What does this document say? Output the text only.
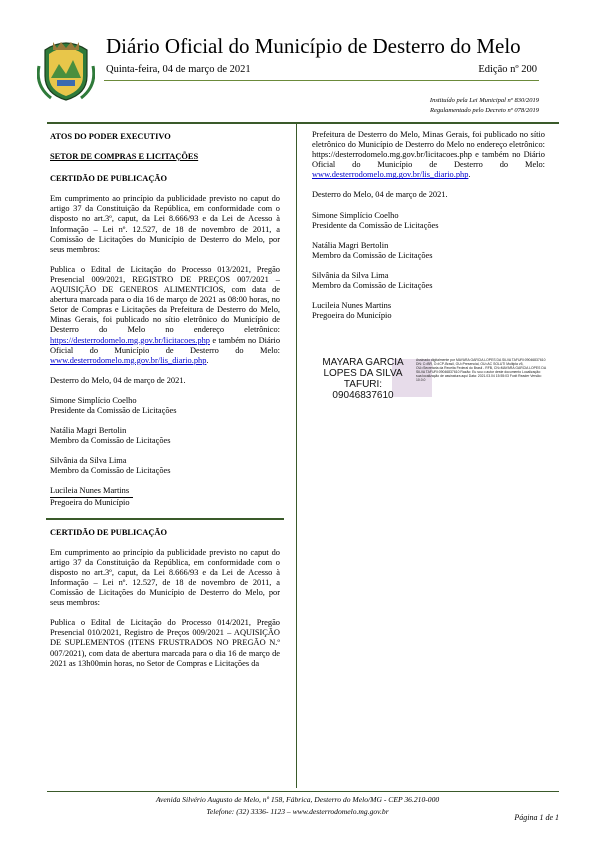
Diário Oficial do Município de Desterro do Melo
Quinta-feira, 04 de março de 2021	Edição nº 200
Instituído pela Lei Municipal nº 830/2019
Regulamentado pelo Decreto nº 078/2019

ATOS DO PODER EXECUTIVO

SETOR DE COMPRAS E LICITAÇÕES

CERTIDÃO DE PUBLICAÇÃO

Em cumprimento ao princípio da publicidade previsto no caput do artigo 37 da Constituição da República, em conformidade com o disposto no art.3º, caput, da Lei 8.666/93 e da Lei de Acesso à Informação – Lei nº. 12.527, de 18 de novembro de 2011, a Comissão de Licitações do Município de Desterro do Melo, por seus membros:

Publica o Edital de Licitação do Processo 013/2021, Pregão Presencial 009/2021, REGISTRO DE PREÇOS 007/2021 – AQUISIÇÃO DE GENEROS ALIMENTICIOS, com data de abertura marcada para o dia 16 de março de 2021 as 08:00 horas, no Setor de Compras e Licitações da Prefeitura de Desterro do Melo, Minas Gerais, foi publicado no sítio eletrônico do Município de Desterro do Melo no endereço eletrônico: https://desterrodomelo.mg.gov.br/licitacoes.php e também no Diário Oficial do Município de Desterro do Melo: www.desterrodomelo.mg.gov.br/lis_diario.php.

Desterro do Melo, 04 de março de 2021.

Simone Simplício Coelho
Presidente da Comissão de Licitações
Natália Magri Bertolin
Membro da Comissão de Licitações
Silvânia da Silva Lima
Membro da Comissão de Licitações
Lucileia Nunes Martins
Pregoeira do Município

CERTIDÃO DE PUBLICAÇÃO

Em cumprimento ao princípio da publicidade previsto no caput do artigo 37 da Constituição da República, em conformidade com o disposto no art.3º, caput, da Lei 8.666/93 e da Lei de Acesso à Informação – Lei nº. 12.527, de 18 de novembro de 2011, a Comissão de Licitações do Município de Desterro do Melo, por seus membros:

Publica o Edital de Licitação do Processo 014/2021, Pregão Presencial 010/2021, Registro de Preços 009/2021 – AQUISIÇÃO DE SUPLEMENTOS (ITENS FRUSTRADOS NO PREGÃO N.º 007/2021), com data de abertura marcada para o dia 16 de março de 2021 as 13h00min horas, no Setor de Compras e Licitações da

Prefeitura de Desterro do Melo, Minas Gerais, foi publicado no sítio eletrônico do Município de Desterro do Melo no endereço eletrônico: https://desterrodomelo.mg.gov.br/licitacoes.php e também no Diário Oficial do Município de Desterro do Melo: www.desterrodomelo.mg.gov.br/lis_diario.php.

Desterro do Melo, 04 de março de 2021.

Simone Simplício Coelho
Presidente da Comissão de Licitações
Natália Magri Bertolin
Membro da Comissão de Licitações
Silvânia da Silva Lima
Membro da Comissão de Licitações
Lucileia Nunes Martins
Pregoeira do Município
MAYARA GARCIA
LOPES DA SILVA
TAFURI:
09046837610
Assinado digitalmente por MAYARA GARCIA LOPES DA SILVA TAFURI:09046837610 DN: C=BR, O=ICP-Brasil, OU=Presencial, OU=AC SOLUTI Multipla v5, OU=Secretaria da Receita Federal do Brasil - RFB, CN=MAYARA GARCIA LOPES DA SILVA TAFURI:09046837610 Razão: Eu sou o autor deste documento Localização: sua localização de assinatura aqui Data: 2021.03.04 15:55:03 Foxit Reader Versão: 10.0.0
Avenida Silvério Augusto de Melo, nº 158, Fábrica, Desterro do Melo/MG - CEP 36.210-000
Telefone: (32) 3336- 1123 – www.desterrodomelo.mg.gov.br
Página 1 de 1
